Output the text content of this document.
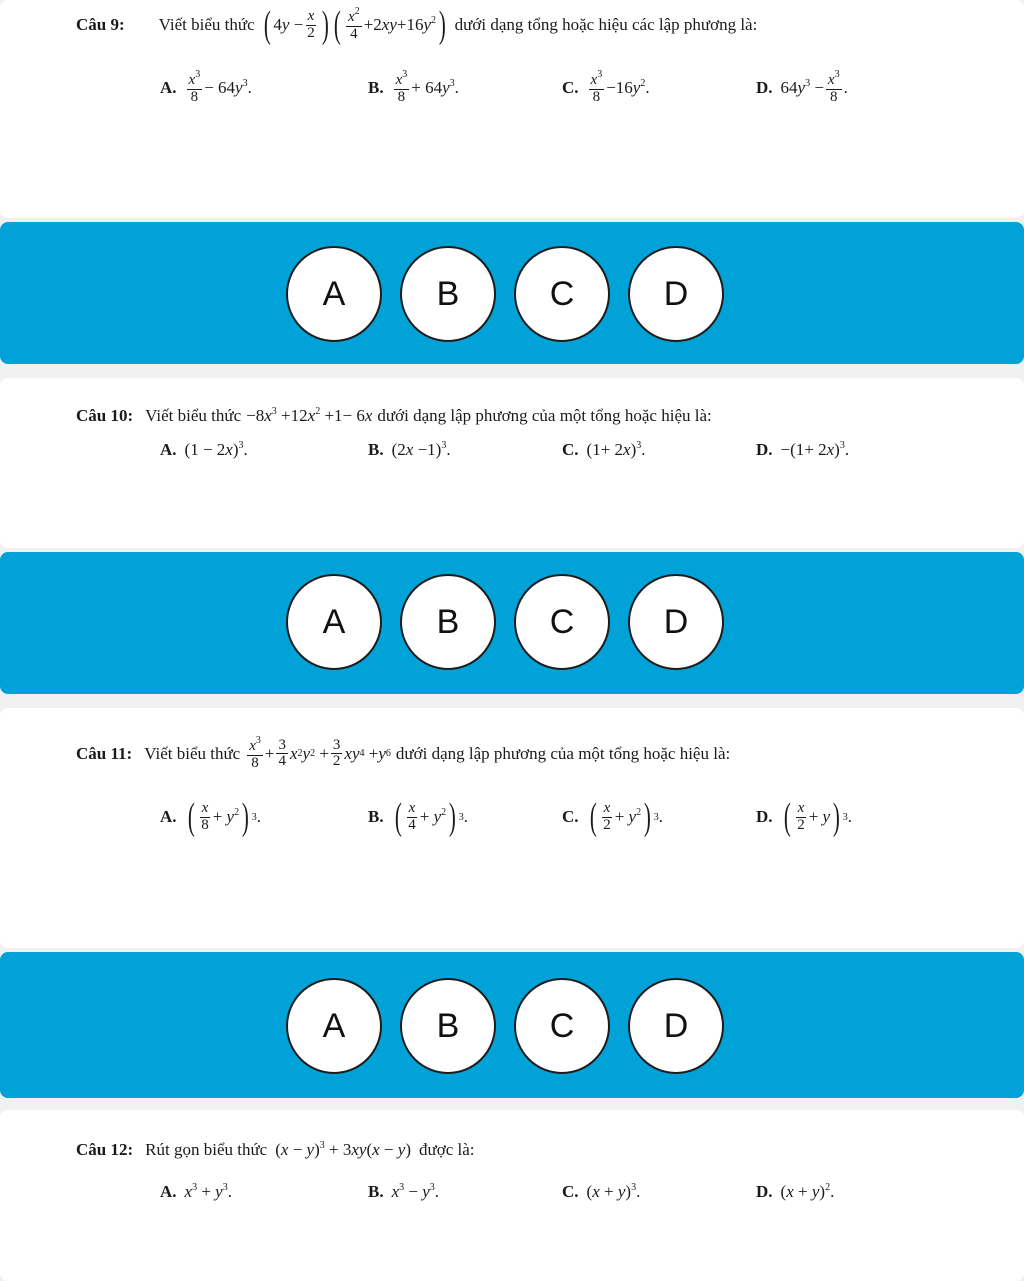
Câu 9: Viết biểu thức ( $4y - \frac{x}{2}$ ) ( $\frac{x^2}{4} +2xy+16y^2$ ) dưới dạng tổng hoặc hiệu các lập phương là:
A. $\frac{x^3}{8} - 64y^3$.	B. $\frac{x^3}{8} + 64y^3$.	C. $\frac{x^3}{8} -16y^2$.	D. $64y^3 - \frac{x^3}{8}$ .
A	B	C	D
Câu 10: Viết biểu thức $-8x^3 +12x^2 +1- 6x$ dưới dạng lập phương của một tổng hoặc hiệu là:
A. $(1 - 2x)^3$.	B. $(2x -1)^3$.	C. $(1+ 2x)^3$.	D. $-(1+ 2x)^3$.
A	B	C	D
Câu 11: Viết biểu thức $\frac{x^3}{8} + \frac{3}{4}$ x 2 y $2 + \frac{3}{2}$ xy 4 + y 6 dưới dạng lập phương của một tổng hoặc hiệu là:
A. ( $\frac{x}{8} + y^2$ ) 3 .	B. ( $\frac{x}{4} + y^2$ ) 3 .	C. ( $\frac{x}{2} + y^2$ ) 3 .	D. ( $\frac{x}{2} + y$ ) 3 .
A	B	C	D
Câu 12: Rút gọn biểu thức $(x - y)^3 + 3xy(x - y)$ được là:
A. $x^3 + y^3$.	B. $x^3 - y^3$.	C. $(x + y)^3$.	D. $(x + y)^2$.
